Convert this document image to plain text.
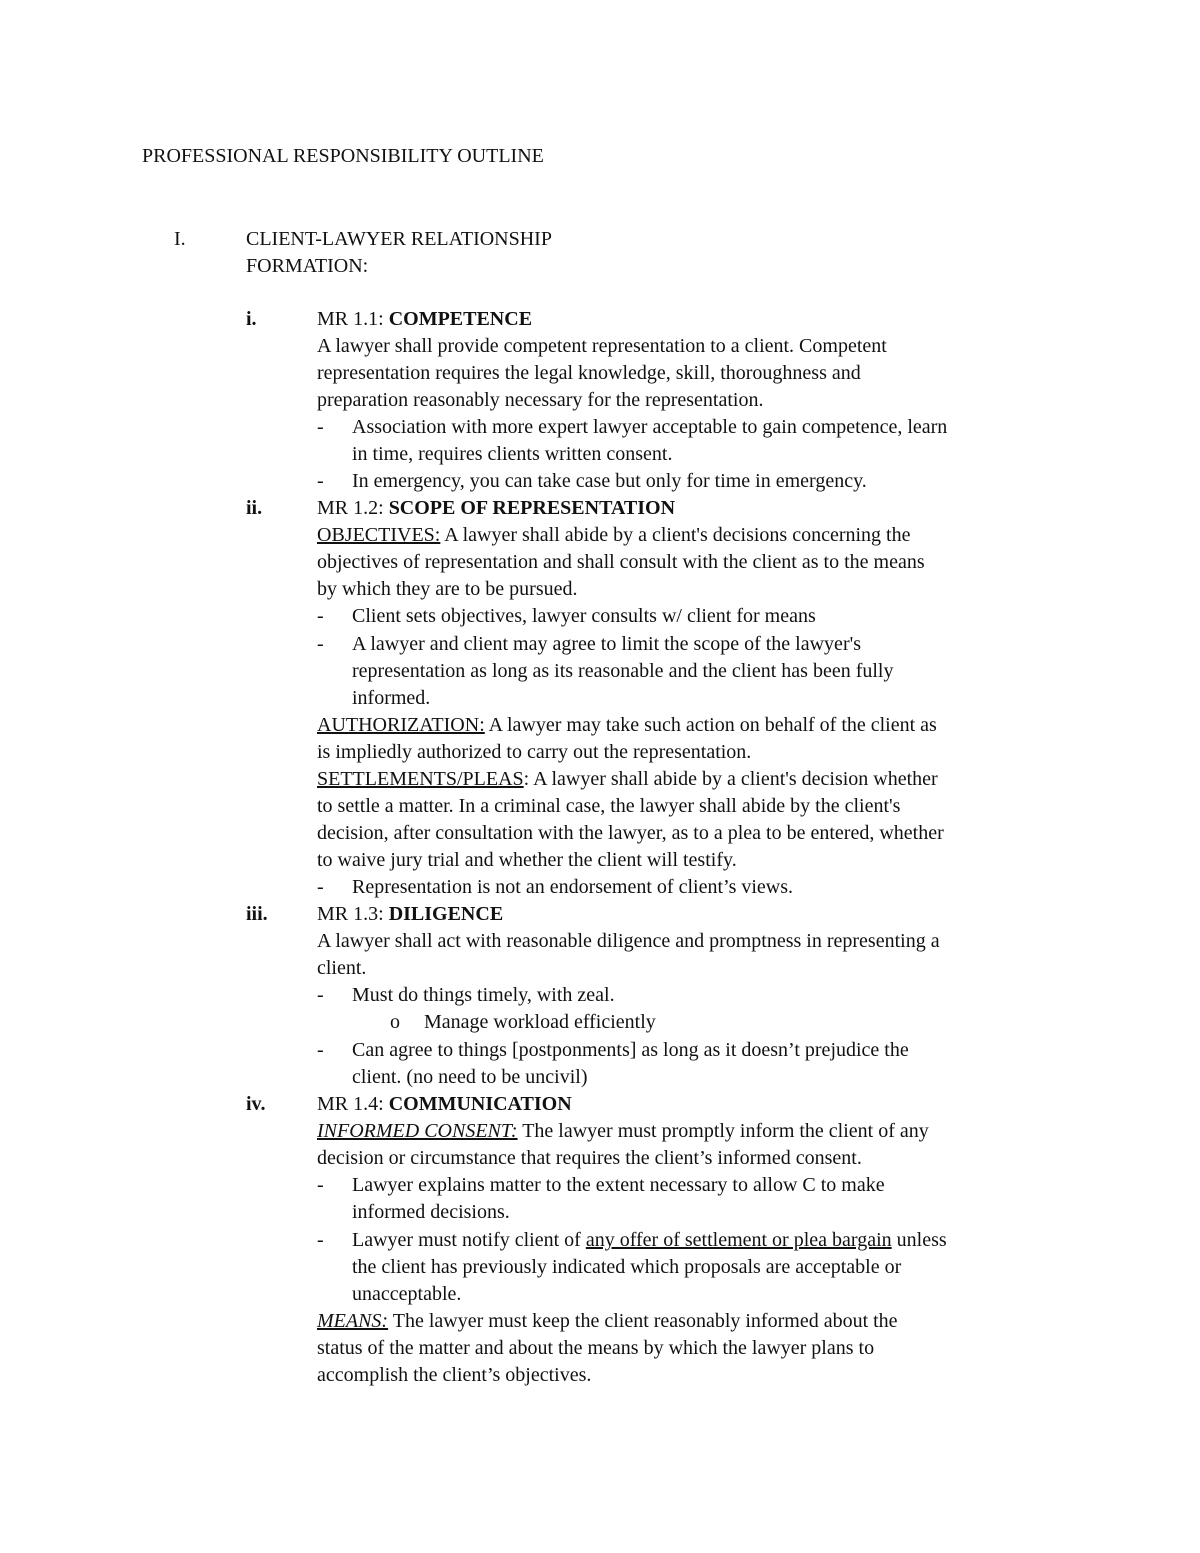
PROFESSIONAL RESPONSIBILITY OUTLINE
I.	CLIENT-LAWYER RELATIONSHIP
FORMATION:
i.	MR 1.1: COMPETENCE
A lawyer shall provide competent representation to a client. Competent
representation requires the legal knowledge, skill, thoroughness and
preparation reasonably necessary for the representation.
- Association with more expert lawyer acceptable to gain competence, learn
in time, requires clients written consent.
- In emergency, you can take case but only for time in emergency.
ii.	MR 1.2: SCOPE OF REPRESENTATION
OBJECTIVES: A lawyer shall abide by a client's decisions concerning the
objectives of representation and shall consult with the client as to the means
by which they are to be pursued.
- Client sets objectives, lawyer consults w/ client for means
- A lawyer and client may agree to limit the scope of the lawyer's
representation as long as its reasonable and the client has been fully
informed.
AUTHORIZATION: A lawyer may take such action on behalf of the client as
is impliedly authorized to carry out the representation.
SETTLEMENTS/PLEAS: A lawyer shall abide by a client's decision whether
to settle a matter. In a criminal case, the lawyer shall abide by the client's
decision, after consultation with the lawyer, as to a plea to be entered, whether
to waive jury trial and whether the client will testify.
- Representation is not an endorsement of client’s views.
iii. MR 1.3: DILIGENCE
A lawyer shall act with reasonable diligence and promptness in representing a
client.
- Must do things timely, with zeal.
o Manage workload efficiently
- Can agree to things [postponments] as long as it doesn’t prejudice the
client. (no need to be uncivil)
iv.	MR 1.4: COMMUNICATION
INFORMED CONSENT: The lawyer must promptly inform the client of any
decision or circumstance that requires the client’s informed consent.
- Lawyer explains matter to the extent necessary to allow C to make
informed decisions.
- Lawyer must notify client of any offer of settlement or plea bargain unless
the client has previously indicated which proposals are acceptable or
unacceptable.
MEANS: The lawyer must keep the client reasonably informed about the
status of the matter and about the means by which the lawyer plans to
accomplish the client’s objectives.
